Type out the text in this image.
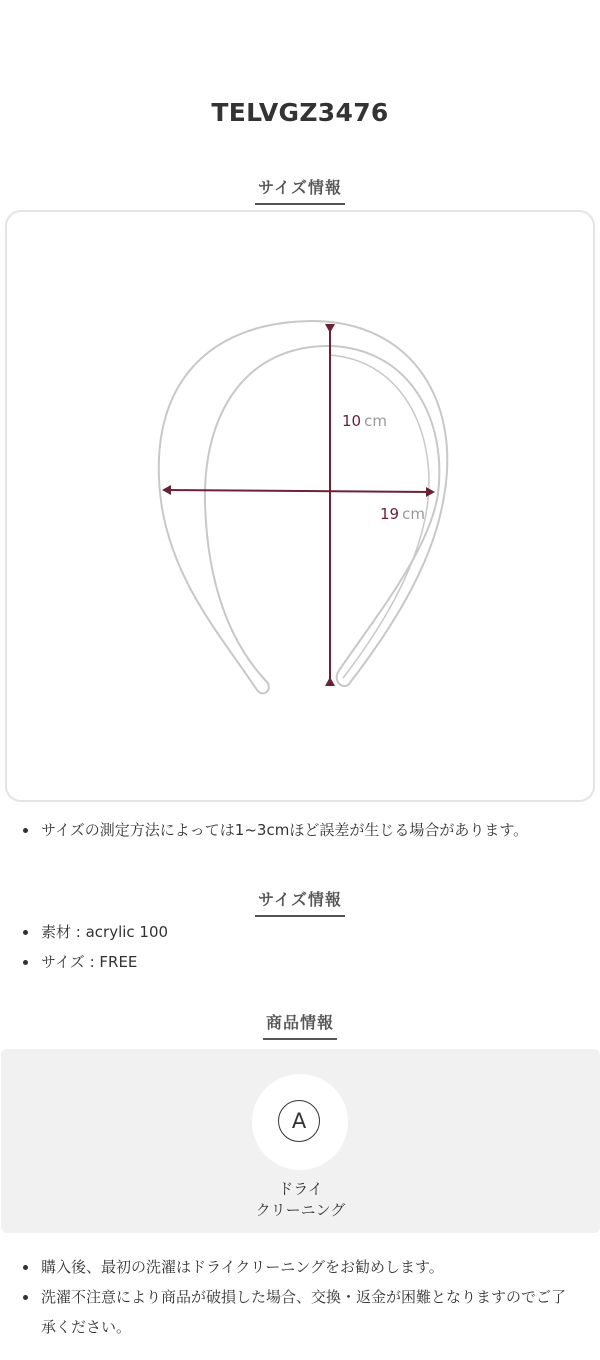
TELVGZ3476
サイズ情報
10 cm
19 cm
サイズの測定方法によっては1~3cmほど誤差が生じる場合があります。
サイズ情報
素材 : acrylic 100
サイズ : FREE
商品情報
A
ドライ
クリーニング
購入後、最初の洗濯はドライクリーニングをお勧めします。
洗濯不注意により商品が破損した場合、交換・返金が困難となりますのでご了承ください。
